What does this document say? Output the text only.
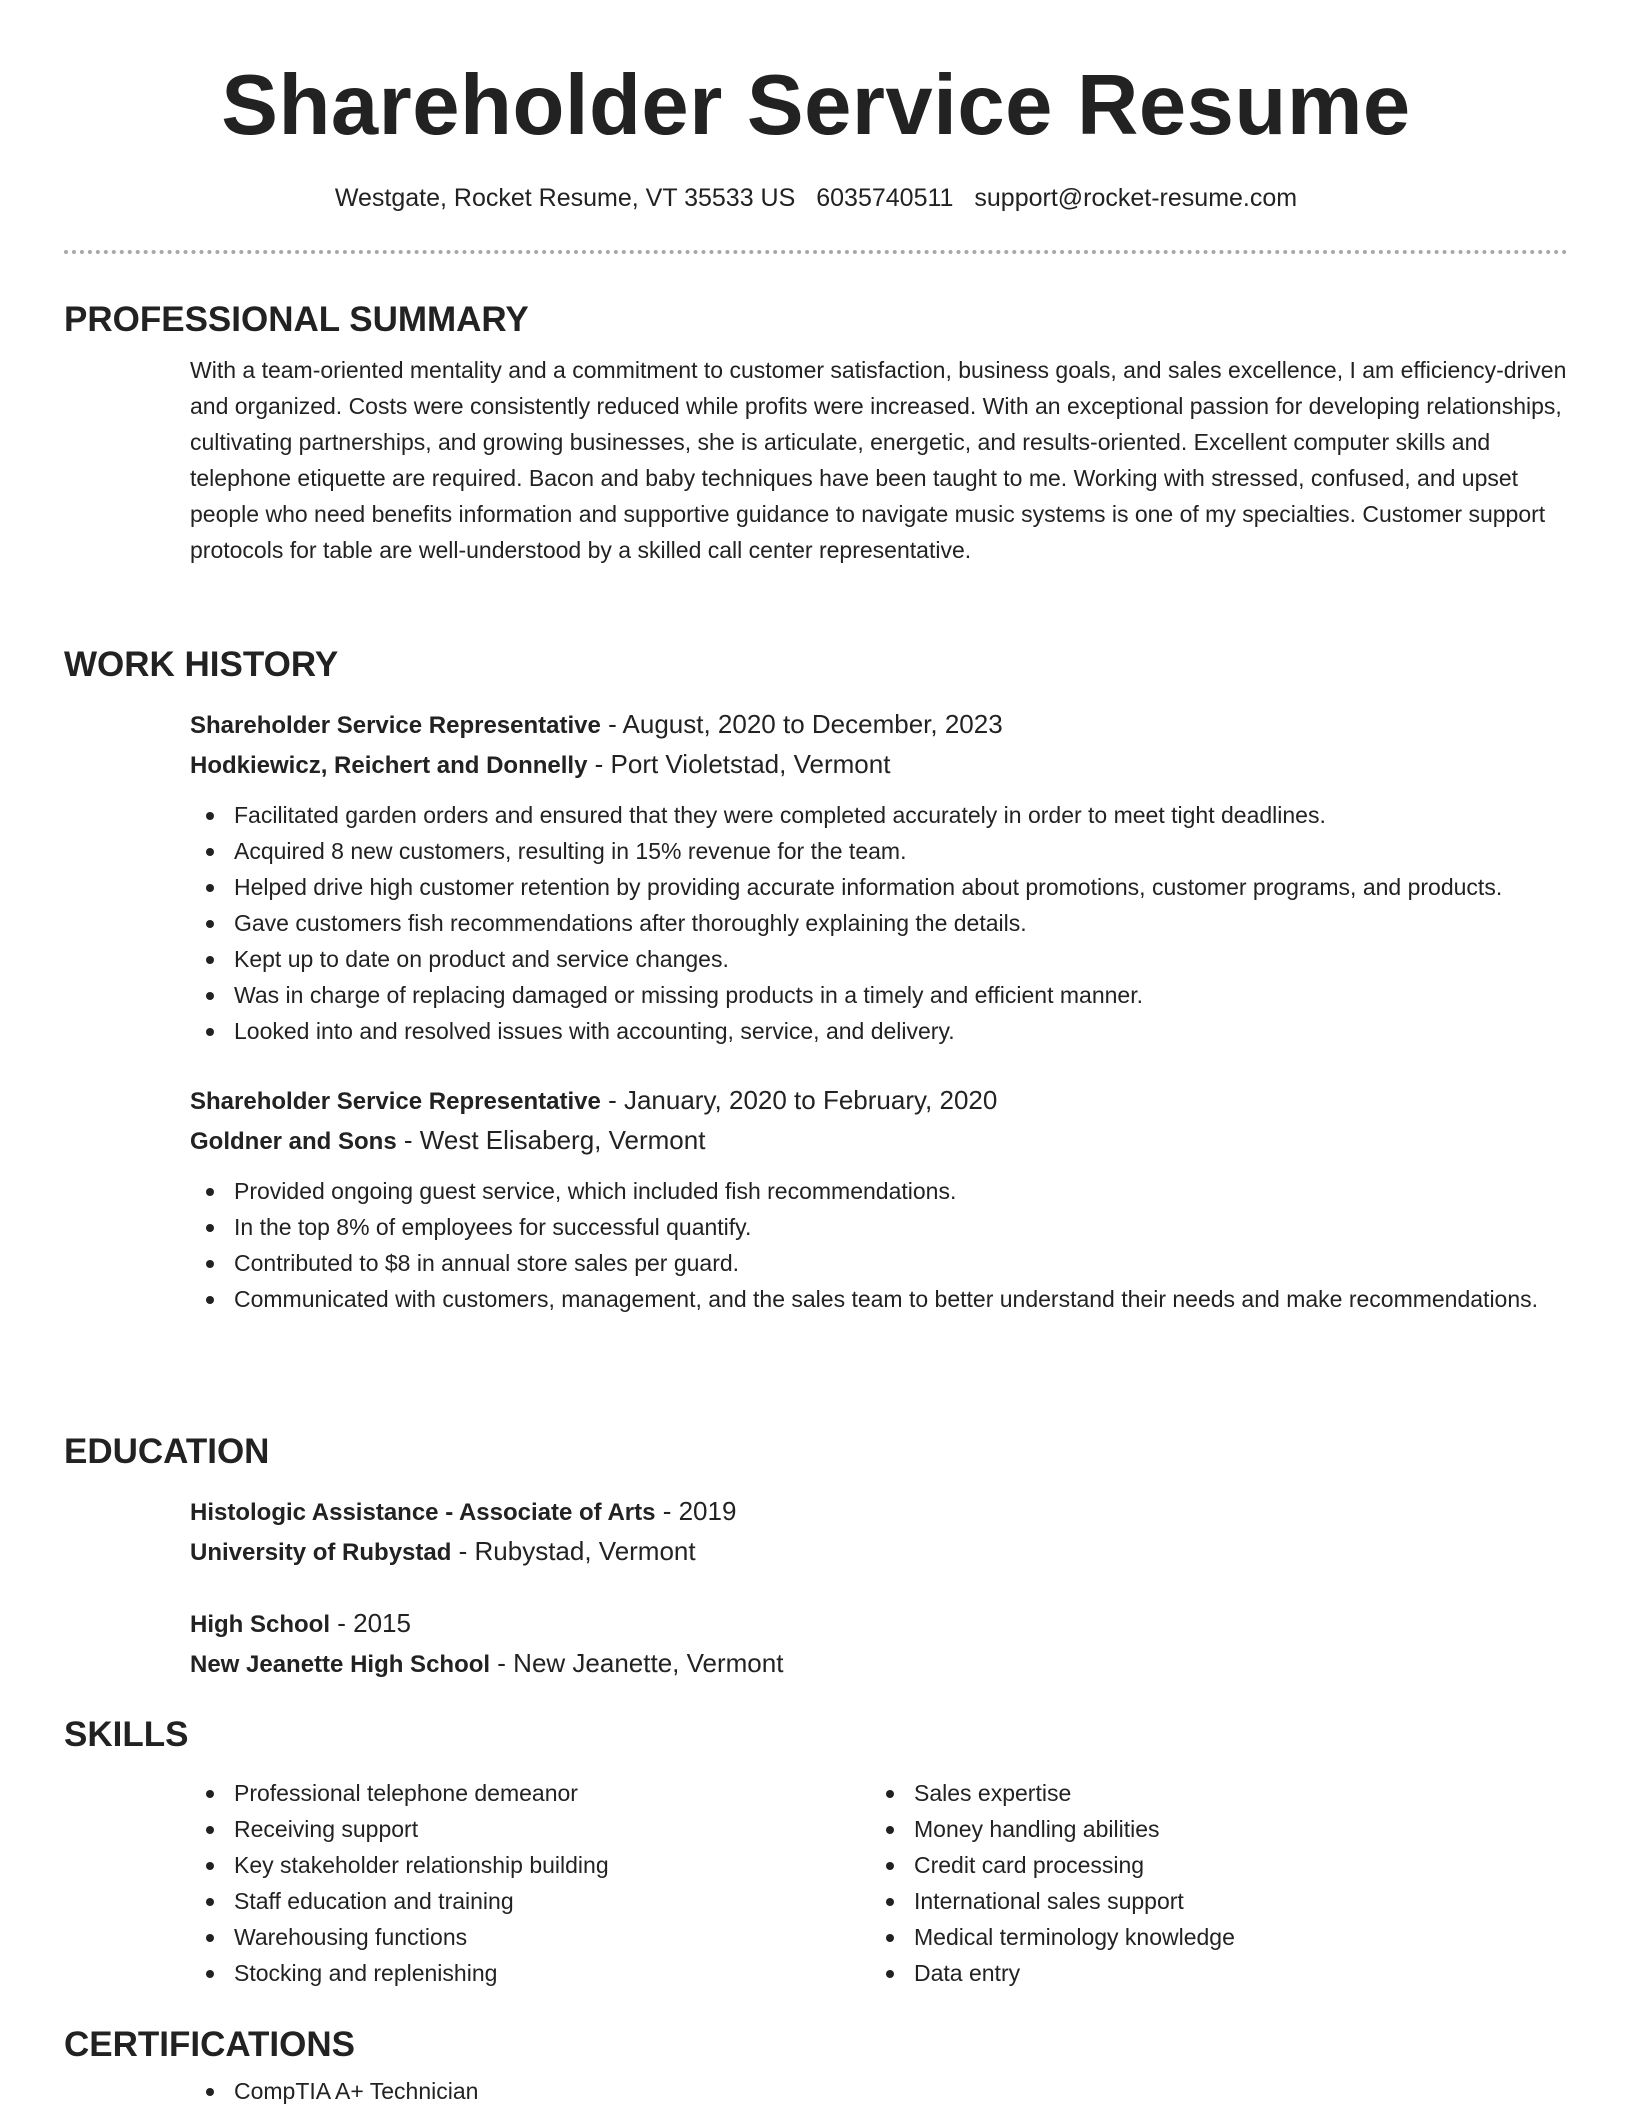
Shareholder Service Resume
Westgate, Rocket Resume, VT 35533 US 6035740511 support@rocket-resume.com
PROFESSIONAL SUMMARY
With a team-oriented mentality and a commitment to customer satisfaction, business goals, and sales excellence, I am efficiency-driven and organized. Costs were consistently reduced while profits were increased. With an exceptional passion for developing relationships, cultivating partnerships, and growing businesses, she is articulate, energetic, and results-oriented. Excellent computer skills and telephone etiquette are required. Bacon and baby techniques have been taught to me. Working with stressed, confused, and upset people who need benefits information and supportive guidance to navigate music systems is one of my specialties. Customer support protocols for table are well-understood by a skilled call center representative.
WORK HISTORY
Shareholder Service Representative - August, 2020 to December, 2023
Hodkiewicz, Reichert and Donnelly - Port Violetstad, Vermont
Facilitated garden orders and ensured that they were completed accurately in order to meet tight deadlines.
Acquired 8 new customers, resulting in 15% revenue for the team.
Helped drive high customer retention by providing accurate information about promotions, customer programs, and products.
Gave customers fish recommendations after thoroughly explaining the details.
Kept up to date on product and service changes.
Was in charge of replacing damaged or missing products in a timely and efficient manner.
Looked into and resolved issues with accounting, service, and delivery.
Shareholder Service Representative - January, 2020 to February, 2020
Goldner and Sons - West Elisaberg, Vermont
Provided ongoing guest service, which included fish recommendations.
In the top 8% of employees for successful quantify.
Contributed to $8 in annual store sales per guard.
Communicated with customers, management, and the sales team to better understand their needs and make recommendations.
EDUCATION
Histologic Assistance - Associate of Arts - 2019
University of Rubystad - Rubystad, Vermont
High School - 2015
New Jeanette High School - New Jeanette, Vermont
SKILLS
Professional telephone demeanor
Receiving support
Key stakeholder relationship building
Staff education and training
Warehousing functions
Stocking and replenishing
Sales expertise
Money handling abilities
Credit card processing
International sales support
Medical terminology knowledge
Data entry
CERTIFICATIONS
CompTIA A+ Technician
